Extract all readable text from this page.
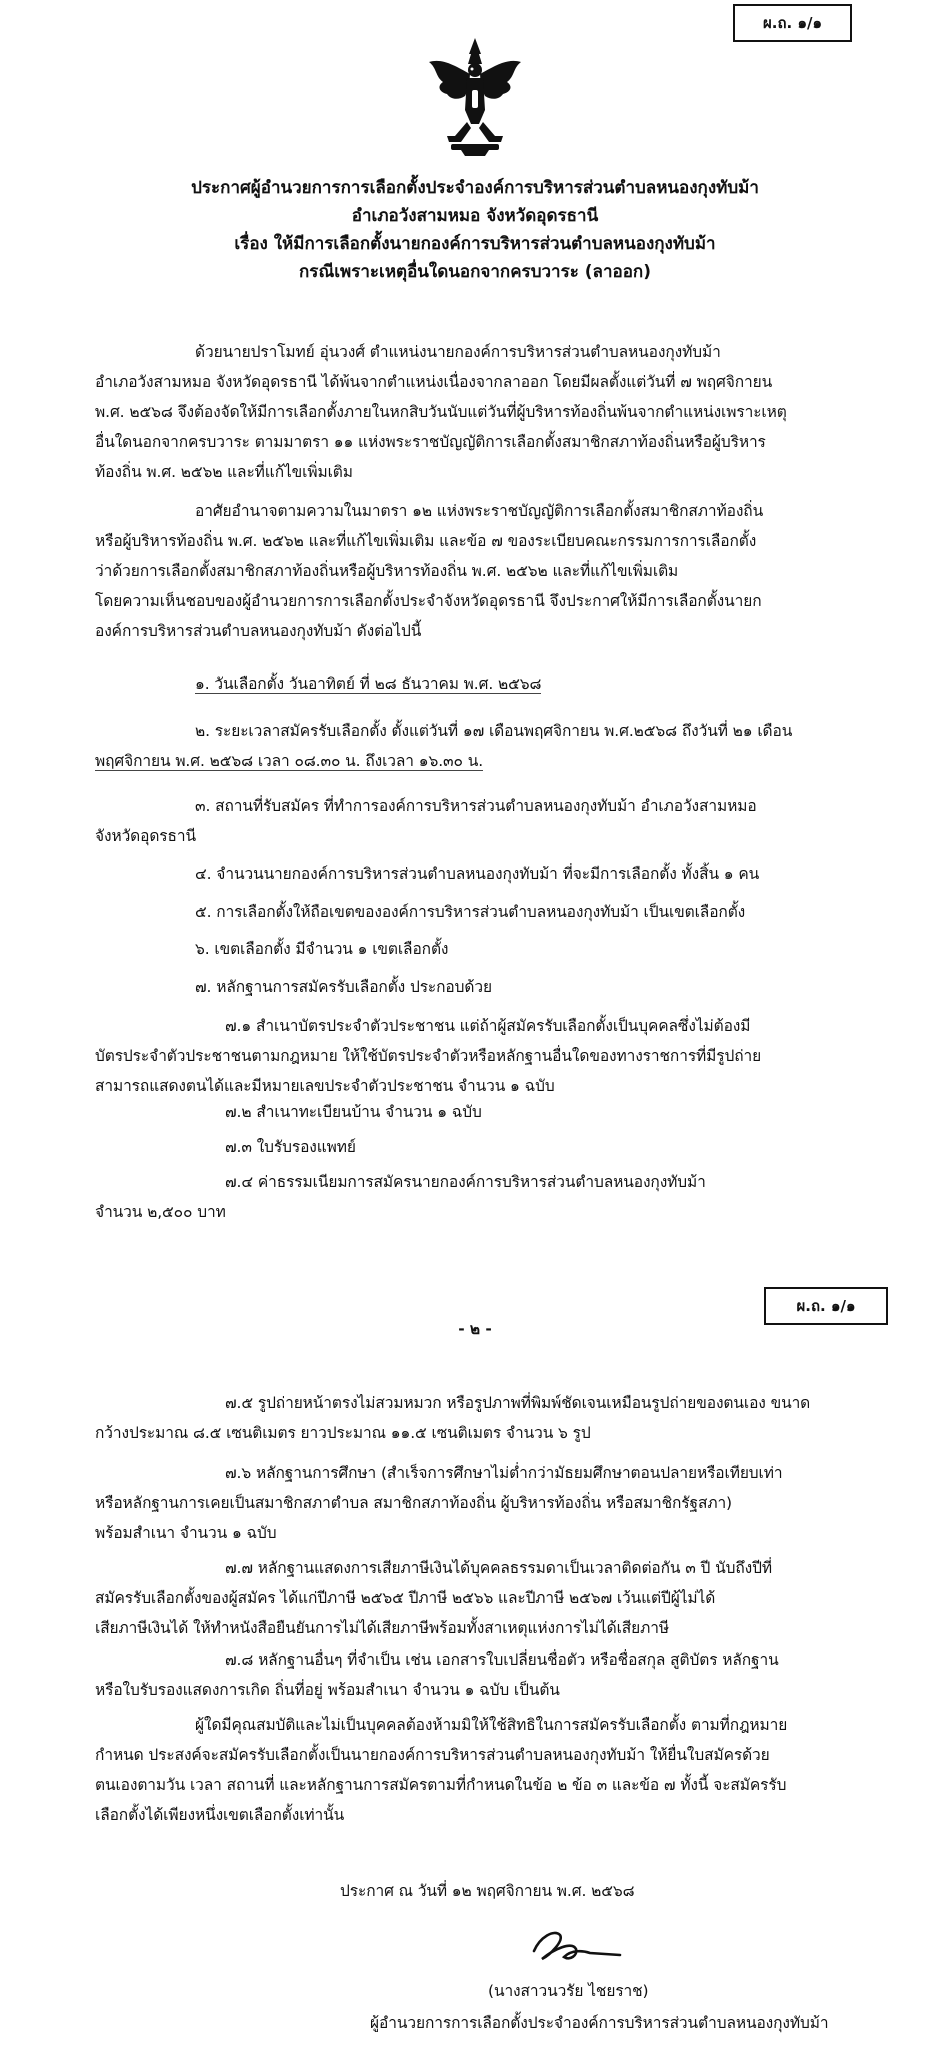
ผ.ถ. ๑/๑
ประกาศผู้อำนวยการการเลือกตั้งประจำองค์การบริหารส่วนตำบลหนองกุงทับม้า
อำเภอวังสามหมอ จังหวัดอุดรธานี
เรื่อง ให้มีการเลือกตั้งนายกองค์การบริหารส่วนตำบลหนองกุงทับม้า
กรณีเพราะเหตุอื่นใดนอกจากครบวาระ (ลาออก)
ด้วยนายปราโมทย์ อุ่นวงศ์ ตำแหน่งนายกองค์การบริหารส่วนตำบลหนองกุงทับม้า
อำเภอวังสามหมอ จังหวัดอุดรธานี ได้พ้นจากตำแหน่งเนื่องจากลาออก โดยมีผลตั้งแต่วันที่ ๗ พฤศจิกายน
พ.ศ. ๒๕๖๘ จึงต้องจัดให้มีการเลือกตั้งภายในหกสิบวันนับแต่วันที่ผู้บริหารท้องถิ่นพ้นจากตำแหน่งเพราะเหตุ
อื่นใดนอกจากครบวาระ ตามมาตรา ๑๑ แห่งพระราชบัญญัติการเลือกตั้งสมาชิกสภาท้องถิ่นหรือผู้บริหาร
ท้องถิ่น พ.ศ. ๒๕๖๒ และที่แก้ไขเพิ่มเติม
อาศัยอำนาจตามความในมาตรา ๑๒ แห่งพระราชบัญญัติการเลือกตั้งสมาชิกสภาท้องถิ่น
หรือผู้บริหารท้องถิ่น พ.ศ. ๒๕๖๒ และที่แก้ไขเพิ่มเติม และข้อ ๗ ของระเบียบคณะกรรมการการเลือกตั้ง
ว่าด้วยการเลือกตั้งสมาชิกสภาท้องถิ่นหรือผู้บริหารท้องถิ่น พ.ศ. ๒๕๖๒ และที่แก้ไขเพิ่มเติม
โดยความเห็นชอบของผู้อำนวยการการเลือกตั้งประจำจังหวัดอุดรธานี จึงประกาศให้มีการเลือกตั้งนายก
องค์การบริหารส่วนตำบลหนองกุงทับม้า ดังต่อไปนี้
๑. วันเลือกตั้ง วันอาทิตย์ ที่ ๒๘ ธันวาคม พ.ศ. ๒๕๖๘
๒. ระยะเวลาสมัครรับเลือกตั้ง ตั้งแต่วันที่ ๑๗ เดือนพฤศจิกายน พ.ศ.๒๕๖๘ ถึงวันที่ ๒๑ เดือน
พฤศจิกายน พ.ศ. ๒๕๖๘ เวลา ๐๘.๓๐ น. ถึงเวลา ๑๖.๓๐ น.
๓. สถานที่รับสมัคร ที่ทำการองค์การบริหารส่วนตำบลหนองกุงทับม้า อำเภอวังสามหมอ
จังหวัดอุดรธานี
๔. จำนวนนายกองค์การบริหารส่วนตำบลหนองกุงทับม้า ที่จะมีการเลือกตั้ง ทั้งสิ้น ๑ คน
๕. การเลือกตั้งให้ถือเขตขององค์การบริหารส่วนตำบลหนองกุงทับม้า เป็นเขตเลือกตั้ง
๖. เขตเลือกตั้ง มีจำนวน ๑ เขตเลือกตั้ง
๗. หลักฐานการสมัครรับเลือกตั้ง ประกอบด้วย
๗.๑ สำเนาบัตรประจำตัวประชาชน แต่ถ้าผู้สมัครรับเลือกตั้งเป็นบุคคลซึ่งไม่ต้องมี
บัตรประจำตัวประชาชนตามกฎหมาย ให้ใช้บัตรประจำตัวหรือหลักฐานอื่นใดของทางราชการที่มีรูปถ่าย
สามารถแสดงตนได้และมีหมายเลขประจำตัวประชาชน จำนวน ๑ ฉบับ
๗.๒ สำเนาทะเบียนบ้าน จำนวน ๑ ฉบับ
๗.๓ ใบรับรองแพทย์
๗.๔ ค่าธรรมเนียมการสมัครนายกองค์การบริหารส่วนตำบลหนองกุงทับม้า
จำนวน ๒,๕๐๐ บาท
ผ.ถ. ๑/๑
- ๒ -
๗.๕ รูปถ่ายหน้าตรงไม่สวมหมวก หรือรูปภาพที่พิมพ์ชัดเจนเหมือนรูปถ่ายของตนเอง ขนาด
กว้างประมาณ ๘.๕ เซนติเมตร ยาวประมาณ ๑๑.๕ เซนติเมตร จำนวน ๖ รูป
๗.๖ หลักฐานการศึกษา (สำเร็จการศึกษาไม่ต่ำกว่ามัธยมศึกษาตอนปลายหรือเทียบเท่า
หรือหลักฐานการเคยเป็นสมาชิกสภาตำบล สมาชิกสภาท้องถิ่น ผู้บริหารท้องถิ่น หรือสมาชิกรัฐสภา)
พร้อมสำเนา จำนวน ๑ ฉบับ
๗.๗ หลักฐานแสดงการเสียภาษีเงินได้บุคคลธรรมดาเป็นเวลาติดต่อกัน ๓ ปี นับถึงปีที่
สมัครรับเลือกตั้งของผู้สมัคร ได้แก่ปีภาษี ๒๕๖๕ ปีภาษี ๒๕๖๖ และปีภาษี ๒๕๖๗ เว้นแต่ปีผู้ไม่ได้
เสียภาษีเงินได้ ให้ทำหนังสือยืนยันการไม่ได้เสียภาษีพร้อมทั้งสาเหตุแห่งการไม่ได้เสียภาษี
๗.๘ หลักฐานอื่นๆ ที่จำเป็น เช่น เอกสารใบเปลี่ยนชื่อตัว หรือชื่อสกุล สูติบัตร หลักฐาน
หรือใบรับรองแสดงการเกิด ถิ่นที่อยู่ พร้อมสำเนา จำนวน ๑ ฉบับ เป็นต้น
ผู้ใดมีคุณสมบัติและไม่เป็นบุคคลต้องห้ามมิให้ใช้สิทธิในการสมัครรับเลือกตั้ง ตามที่กฎหมาย
กำหนด ประสงค์จะสมัครรับเลือกตั้งเป็นนายกองค์การบริหารส่วนตำบลหนองกุงทับม้า ให้ยื่นใบสมัครด้วย
ตนเองตามวัน เวลา สถานที่ และหลักฐานการสมัครตามที่กำหนดในข้อ ๒ ข้อ ๓ และข้อ ๗ ทั้งนี้ จะสมัครรับ
เลือกตั้งได้เพียงหนึ่งเขตเลือกตั้งเท่านั้น
ประกาศ ณ วันที่ ๑๒ พฤศจิกายน พ.ศ. ๒๕๖๘
(นางสาวนวรัย ไชยราช)
ผู้อำนวยการการเลือกตั้งประจำองค์การบริหารส่วนตำบลหนองกุงทับม้า
